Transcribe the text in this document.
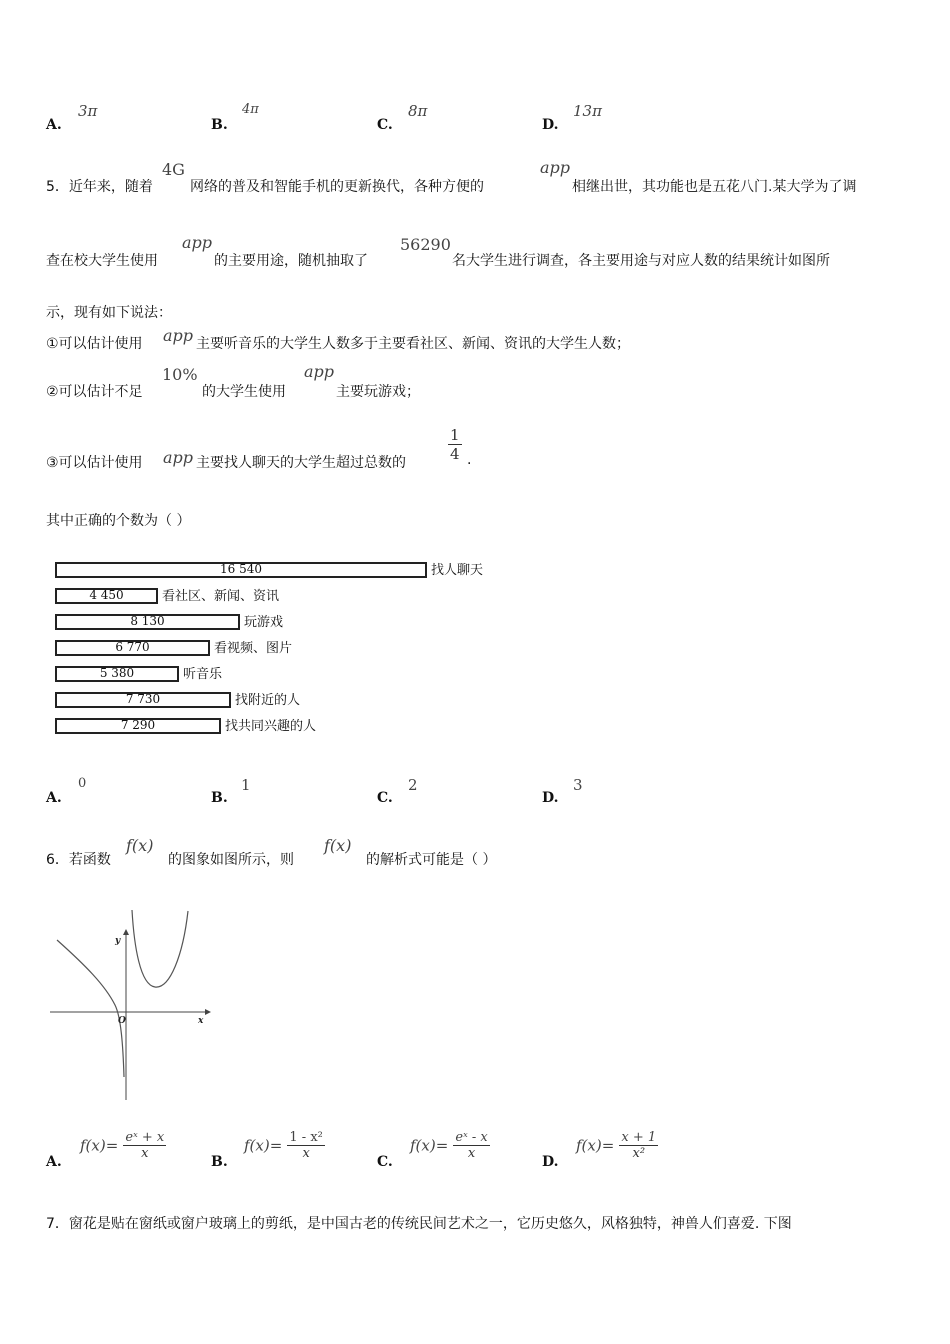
A.
3π
B.
4π
C.
8π
D.
13π
5．近年来，随着
4G
网络的普及和智能手机的更新换代，各种方便的
app
相继出世，其功能也是五花八门.某大学为了调
查在校大学生使用
app
的主要用途，随机抽取了
56290
名大学生进行调查，各主要用途与对应人数的结果统计如图所
示，现有如下说法：
①可以估计使用 app 主要听音乐的大学生人数多于主要看社区、新闻、资讯的大学生人数；
②可以估计不足
10%
的大学生使用
app
主要玩游戏；
③可以估计使用 app 主要找人聊天的大学生超过总数的	$\frac{1}{4}$ .
其中正确的个数为（ ）
16 540	找人聊天
4 450	看社区、新闻、资讯
8 130	玩游戏
6 770	看视频、图片
5 380	听音乐
7 730	找附近的人
7 290	找共同兴趣的人
A.
0
B.
1
C.
2
D.
3
6．若函数
f(x)
的图象如图所示，则
f(x)
的解析式可能是（ ）
y
x
O
A.
$f(x)= \frac{\text{eˣ + x}}{x}$
B.
$f(x)= \frac{\text{1 - x²}}{x}$
C.
$f(x)= \frac{\text{eˣ - x}}{x}$
D.
$f(x)= \frac{x + 1}{\text{x²}}$
7．窗花是贴在窗纸或窗户玻璃上的剪纸，是中国古老的传统民间艺术之一，它历史悠久，风格独特，神兽人们喜爱. 下图
